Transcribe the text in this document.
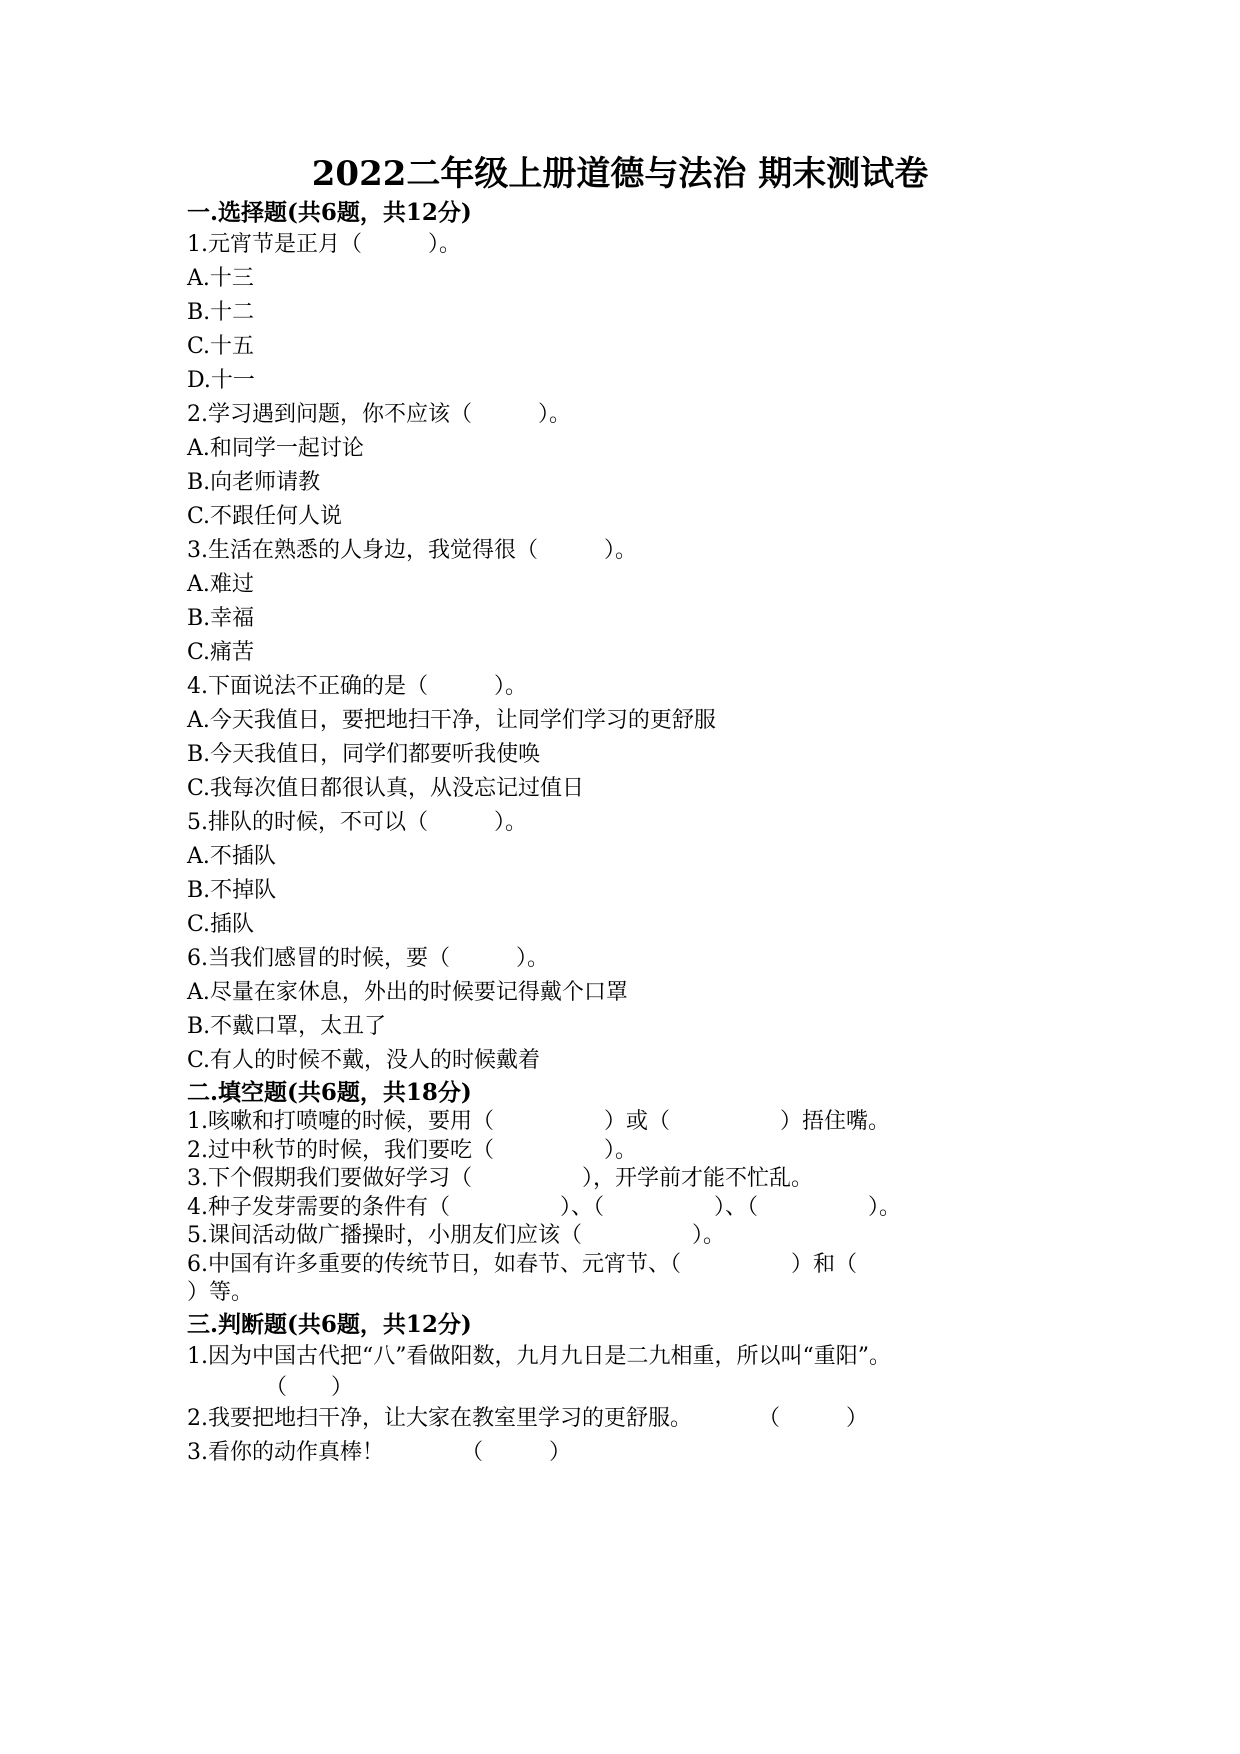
2022二年级上册道德与法治 期末测试卷
一.选择题(共6题，共12分)
1.元宵节是正月（　　　）。
A.十三
B.十二
C.十五
D.十一
2.学习遇到问题，你不应该（　　　）。
A.和同学一起讨论
B.向老师请教
C.不跟任何人说
3.生活在熟悉的人身边，我觉得很（　　　）。
A.难过
B.幸福
C.痛苦
4.下面说法不正确的是（　　　）。
A.今天我值日，要把地扫干净，让同学们学习的更舒服
B.今天我值日，同学们都要听我使唤
C.我每次值日都很认真，从没忘记过值日
5.排队的时候，不可以（　　　）。
A.不插队
B.不掉队
C.插队
6.当我们感冒的时候，要（　　　）。
A.尽量在家休息，外出的时候要记得戴个口罩
B.不戴口罩，太丑了
C.有人的时候不戴，没人的时候戴着
二.填空题(共6题，共18分)
1.咳嗽和打喷嚏的时候，要用（　　　　　）或（　　　　　）捂住嘴。
2.过中秋节的时候，我们要吃（　　　　　）。
3.下个假期我们要做好学习（　　　　　），开学前才能不忙乱。
4.种子发芽需要的条件有（　　　　　）、（　　　　　）、（　　　　　）。
5.课间活动做广播操时，小朋友们应该（　　　　　）。
6.中国有许多重要的传统节日，如春节、元宵节、（　　　　　）和（
）等。
三.判断题(共6题，共12分)
1.因为中国古代把“八”看做阳数，九月九日是二九相重，所以叫“重阳”。
（　　）
2.我要把地扫干净，让大家在教室里学习的更舒服。　　　　（　　　）
3.看你的动作真棒！　　　　（　　　）
